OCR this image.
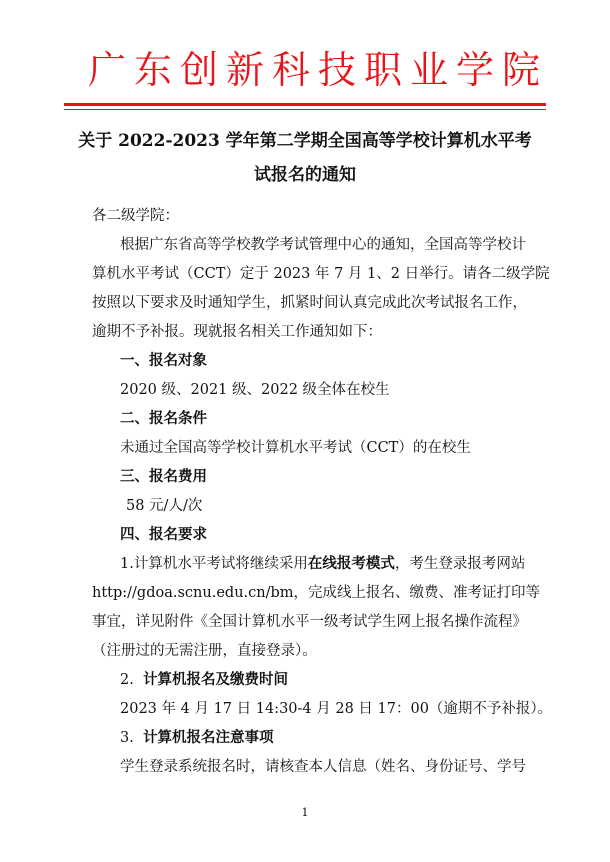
广东创新科技职业学院
关于 2022-2023 学年第二学期全国高等学校计算机水平考
试报名的通知
各二级学院：
根据广东省高等学校教学考试管理中心的通知，全国高等学校计
算机水平考试（CCT）定于 2023 年 7 月 1、2 日举行。请各二级学院
按照以下要求及时通知学生，抓紧时间认真完成此次考试报名工作，
逾期不予补报。现就报名相关工作通知如下：
一、报名对象
2020 级、2021 级、2022 级全体在校生
二、报名条件
未通过全国高等学校计算机水平考试（CCT）的在校生
三、报名费用
58 元/人/次
四、报名要求
1.计算机水平考试将继续采用在线报考模式，考生登录报考网站
http://gdoa.scnu.edu.cn/bm，完成线上报名、缴费、准考证打印等
事宜，详见附件《全国计算机水平一级考试学生网上报名操作流程》
（注册过的无需注册，直接登录）。
2. 计算机报名及缴费时间
2023 年 4 月 17 日 14:30-4 月 28 日 17：00（逾期不予补报）。
3. 计算机报名注意事项
学生登录系统报名时，请核查本人信息（姓名、身份证号、学号
1
